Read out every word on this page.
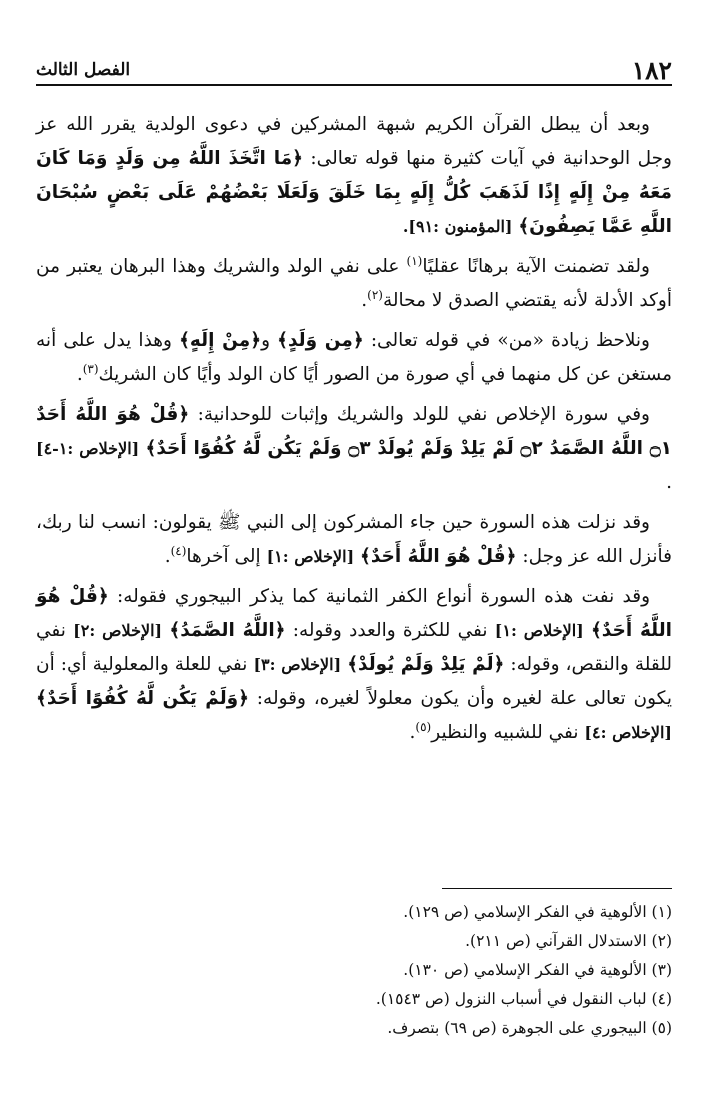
١٨٢
الفصل الثالث

وبعد أن يبطل القرآن الكريم شبهة المشركين في دعوى الولدية يقرر الله عز وجل الوحدانية في آيات كثيرة منها قوله تعالى: ﴿مَا اتَّخَذَ اللَّهُ مِن وَلَدٍ وَمَا كَانَ مَعَهُ مِنْ إِلَهٍ إِذًا لَذَهَبَ كُلُّ إِلَهٍ بِمَا خَلَقَ وَلَعَلَا بَعْضُهُمْ عَلَى بَعْضٍ سُبْحَانَ اللَّهِ عَمَّا يَصِفُونَ﴾ [المؤمنون :٩١].

ولقد تضمنت الآية برهانًا عقليًا$^{(١)}$ على نفي الولد والشريك وهذا البرهان يعتبر من أوكد الأدلة لأنه يقتضي الصدق لا محالة$^{(٢)}$.

ونلاحظ زيادة «من» في قوله تعالى: ﴿مِن وَلَدٍ﴾ و﴿مِنْ إِلَهٍ﴾ وهذا يدل على أنه مستغن عن كل منهما في أي صورة من الصور أيًا كان الولد وأيًا كان الشريك$^{(٣)}$.

وفي سورة الإخلاص نفي للولد والشريك وإثبات للوحدانية: ﴿قُلْ هُوَ اللَّهُ أَحَدٌ ۝١ اللَّهُ الصَّمَدُ ۝٢ لَمْ يَلِدْ وَلَمْ يُولَدْ ۝٣ وَلَمْ يَكُن لَّهُ كُفُوًا أَحَدٌ﴾ [الإخلاص :١-٤] .

وقد نزلت هذه السورة حين جاء المشركون إلى النبي ﷺ يقولون: انسب لنا ربك، فأنزل الله عز وجل: ﴿قُلْ هُوَ اللَّهُ أَحَدٌ﴾ [الإخلاص :١] إلى آخرها$^{(٤)}$.

وقد نفت هذه السورة أنواع الكفر الثمانية كما يذكر البيجوري فقوله: ﴿قُلْ هُوَ اللَّهُ أَحَدٌ﴾ [الإخلاص :١] نفي للكثرة والعدد وقوله: ﴿اللَّهُ الصَّمَدُ﴾ [الإخلاص :٢] نفي للقلة والنقص، وقوله: ﴿لَمْ يَلِدْ وَلَمْ يُولَدْ﴾ [الإخلاص :٣] نفي للعلة والمعلولية أي: أن يكون تعالى علة لغيره وأن يكون معلولاً لغيره، وقوله: ﴿وَلَمْ يَكُن لَّهُ كُفُوًا أَحَدٌ﴾ [الإخلاص :٤] نفي للشبيه والنظير$^{(٥)}$.

(١) الألوهية في الفكر الإسلامي (ص ١٢٩).
(٢) الاستدلال القرآني (ص ٢١١).
(٣) الألوهية في الفكر الإسلامي (ص ١٣٠).
(٤) لباب النقول في أسباب النزول (ص ١٥٤٣).
(٥) البيجوري على الجوهرة (ص ٦٩) بتصرف.
